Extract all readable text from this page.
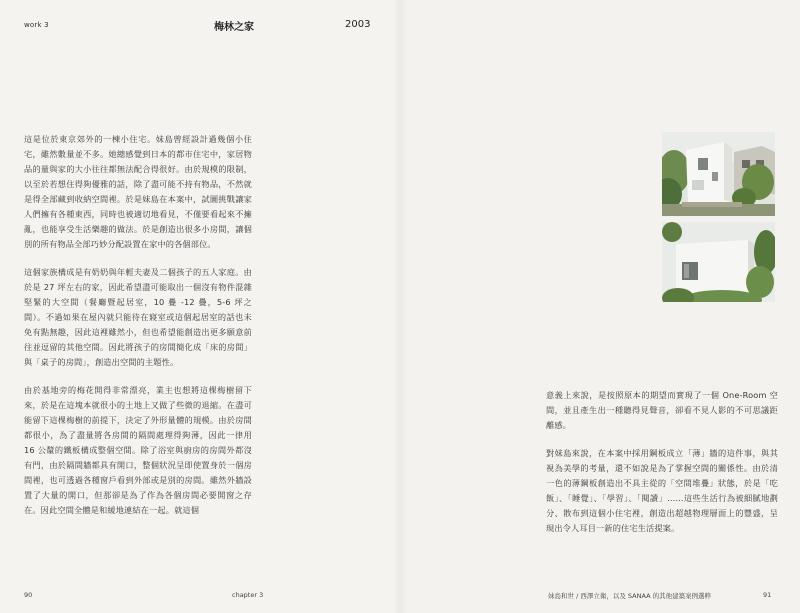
work 3	梅林之家	2003

這是位於東京郊外的一棟小住宅。妹島曾經設計過幾個小住宅，雖然數量並不多。她總感覺到日本的都市住宅中，家居物品的量與家的大小往往都無法配合得很好。由於規模的限制，以至於若想住得夠優雅的話，除了盡可能不持有物品，不然就是得全部藏到收納空間裡。於是妹島在本案中，試圖挑戰讓家人們擁有各種東西，同時也被適切地看見，不僅要看起來不擁亂，也能享受生活樂趣的做法。於是創造出很多小房間，讓個別的所有物品全部巧妙分配設置在家中的各個部位。

這個家族構成是有奶奶與年輕夫妻及二個孩子的五人家庭。由於是 27 坪左右的家，因此希望盡可能取出一個沒有物件混雜堅緊的大空間（餐廳暨起居室，10 疊 -12 疊，5-6 坪之間）。不過如果在屋內就只能待在寢室或這個起居室的話也未免有點無趣，因此這裡雖然小，但也希望能創造出更多願意前往並逗留的其他空間。因此將孩子的房間簡化成「床的房間」與「桌子的房間」，創造出空間的主題性。

由於基地旁的梅花開得非常漂亮，業主也想將這棵梅樹留下來，於是在這塊本就很小的土地上又做了些微的退縮。在盡可能留下這棵梅樹的前提下，決定了外形量體的規模。由於房間都很小，為了盡量將各房間的隔間處理得夠薄，因此一律用 16 公釐的鐵板構成整個空間。除了浴室與廚房的房間外都沒有門，由於隔間牆都具有開口，整個狀況呈即使置身於一個房間裡，也可透過各種窗戶看到外部或是別的房間。雖然外牆設置了大量的開口，但那卻是為了作為各個房間必要開窗之存在。因此空間全體是和緩地連結在一起。就這個

意義上來說，是按照原本的期望而實現了一個 One-Room 空間，並且產生出一種聽得見聲音，卻看不見人影的不可思議距離感。

對妹島來說，在本案中採用鋼板成立「薄」牆的這件事，與其視為美學的考量，還不如說是為了掌握空間的關係性。由於清一色的薄鋼板創造出不具主從的「空間堆疊」狀態，於是「吃飯」、「睡覺」、「學習」、「閱讀」……這些生活行為被細膩地劃分、散布到這個小住宅裡，創造出超越物理層面上的豐盛，呈現出令人耳目一新的住宅生活提案。

90	chapter 3	妹島和世 / 西澤立衛，以及 SANAA 的其他建築案例選粹	91
